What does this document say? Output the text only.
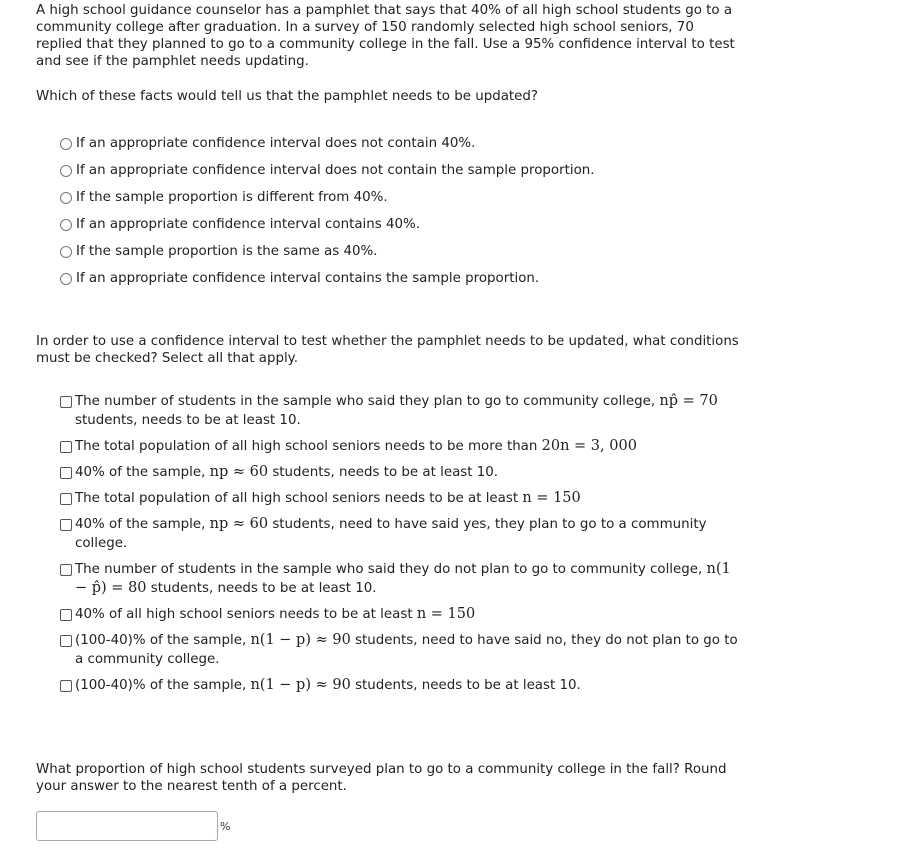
A high school guidance counselor has a pamphlet that says that 40% of all high school students go to a community college after graduation. In a survey of 150 randomly selected high school seniors, 70 replied that they planned to go to a community college in the fall. Use a 95% confidence interval to test and see if the pamphlet needs updating.

Which of these facts would tell us that the pamphlet needs to be updated?

If an appropriate confidence interval does not contain 40%.
If an appropriate confidence interval does not contain the sample proportion.
If the sample proportion is different from 40%.
If an appropriate confidence interval contains 40%.
If the sample proportion is the same as 40%.
If an appropriate confidence interval contains the sample proportion.

In order to use a confidence interval to test whether the pamphlet needs to be updated, what conditions must be checked? Select all that apply.

The number of students in the sample who said they plan to go to community college, np̂ = 70 students, needs to be at least 10.
The total population of all high school seniors needs to be more than 20n = 3, 000
40% of the sample, np ≈ 60 students, needs to be at least 10.
The total population of all high school seniors needs to be at least n = 150
40% of the sample, np ≈ 60 students, need to have said yes, they plan to go to a community college.
The number of students in the sample who said they do not plan to go to community college, n(1 − p̂) = 80 students, needs to be at least 10.
40% of all high school seniors needs to be at least n = 150
(100-40)% of the sample, n(1 − p) ≈ 90 students, need to have said no, they do not plan to go to a community college.
(100-40)% of the sample, n(1 − p) ≈ 90 students, needs to be at least 10.

What proportion of high school students surveyed plan to go to a community college in the fall? Round your answer to the nearest tenth of a percent.

%
